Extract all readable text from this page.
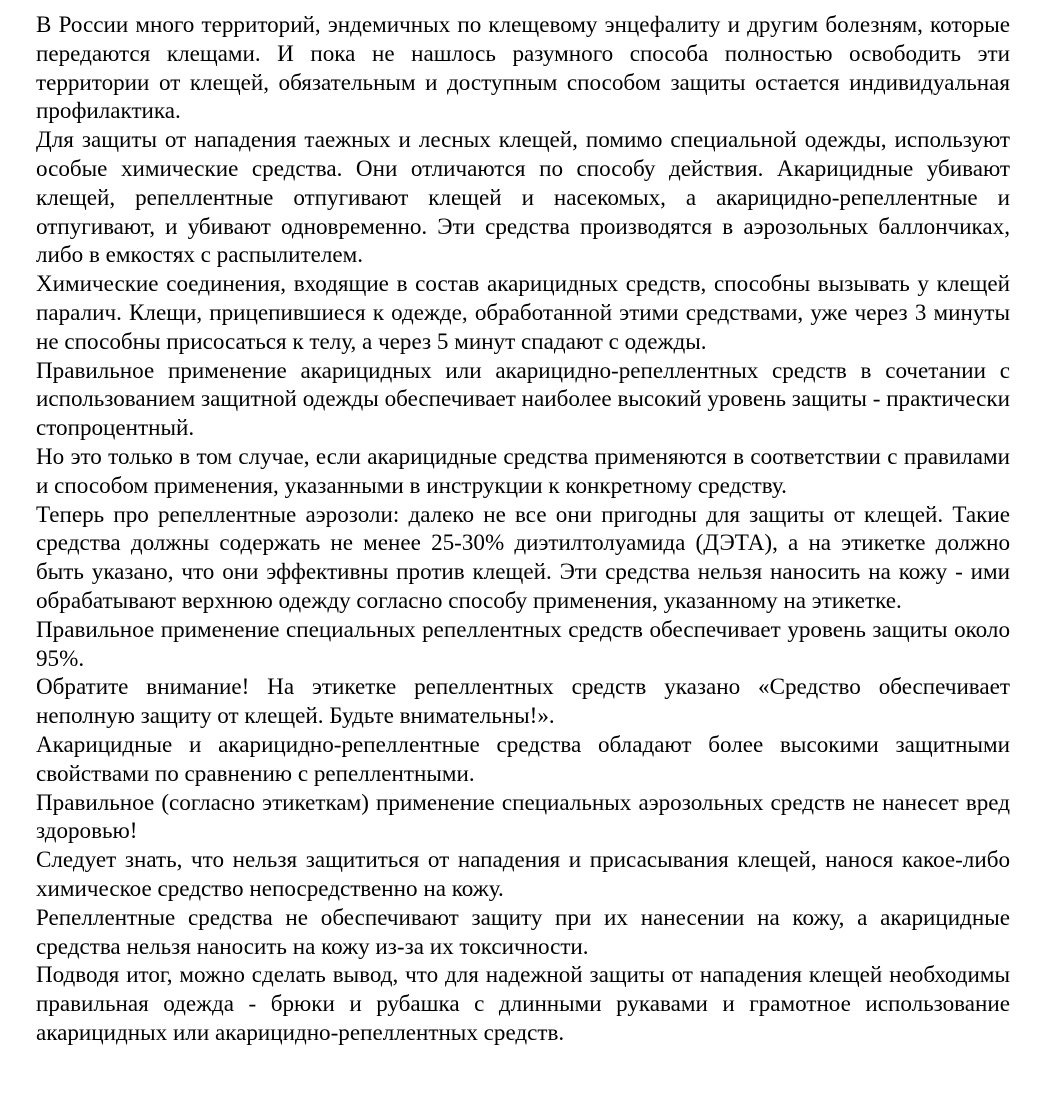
В России много территорий, эндемичных по клещевому энцефалиту и другим болезням, которые передаются клещами. И пока не нашлось разумного способа полностью освободить эти территории от клещей, обязательным и доступным способом защиты остается индивидуальная профилактика.

Для защиты от нападения таежных и лесных клещей, помимо специальной одежды, используют особые химические средства. Они отличаются по способу действия. Акарицидные убивают клещей, репеллентные отпугивают клещей и насекомых, а акарицидно-репеллентные и отпугивают, и убивают одновременно. Эти средства производятся в аэрозольных баллончиках, либо в емкостях с распылителем.

Химические соединения, входящие в состав акарицидных средств, способны вызывать у клещей паралич. Клещи, прицепившиеся к одежде, обработанной этими средствами, уже через 3 минуты не способны присосаться к телу, а через 5 минут спадают с одежды.

Правильное применение акарицидных или акарицидно-репеллентных средств в сочетании с использованием защитной одежды обеспечивает наиболее высокий уровень защиты - практически стопроцентный.

Но это только в том случае, если акарицидные средства применяются в соответствии с правилами и способом применения, указанными в инструкции к конкретному средству.

Теперь про репеллентные аэрозоли: далеко не все они пригодны для защиты от клещей. Такие средства должны содержать не менее 25-30% диэтилтолуамида (ДЭТА), а на этикетке должно быть указано, что они эффективны против клещей. Эти средства нельзя наносить на кожу - ими обрабатывают верхнюю одежду согласно способу применения, указанному на этикетке.

Правильное применение специальных репеллентных средств обеспечивает уровень защиты около 95%.

Обратите внимание! На этикетке репеллентных средств указано «Средство обеспечивает неполную защиту от клещей. Будьте внимательны!».

Акарицидные и акарицидно-репеллентные средства обладают более высокими защитными свойствами по сравнению с репеллентными.

Правильное (согласно этикеткам) применение специальных аэрозольных средств не нанесет вред здоровью!

Следует знать, что нельзя защититься от нападения и присасывания клещей, нанося какое-либо химическое средство непосредственно на кожу.

Репеллентные средства не обеспечивают защиту при их нанесении на кожу, а акарицидные средства нельзя наносить на кожу из-за их токсичности.

Подводя итог, можно сделать вывод, что для надежной защиты от нападения клещей необходимы правильная одежда - брюки и рубашка с длинными рукавами и грамотное использование акарицидных или акарицидно-репеллентных средств.
